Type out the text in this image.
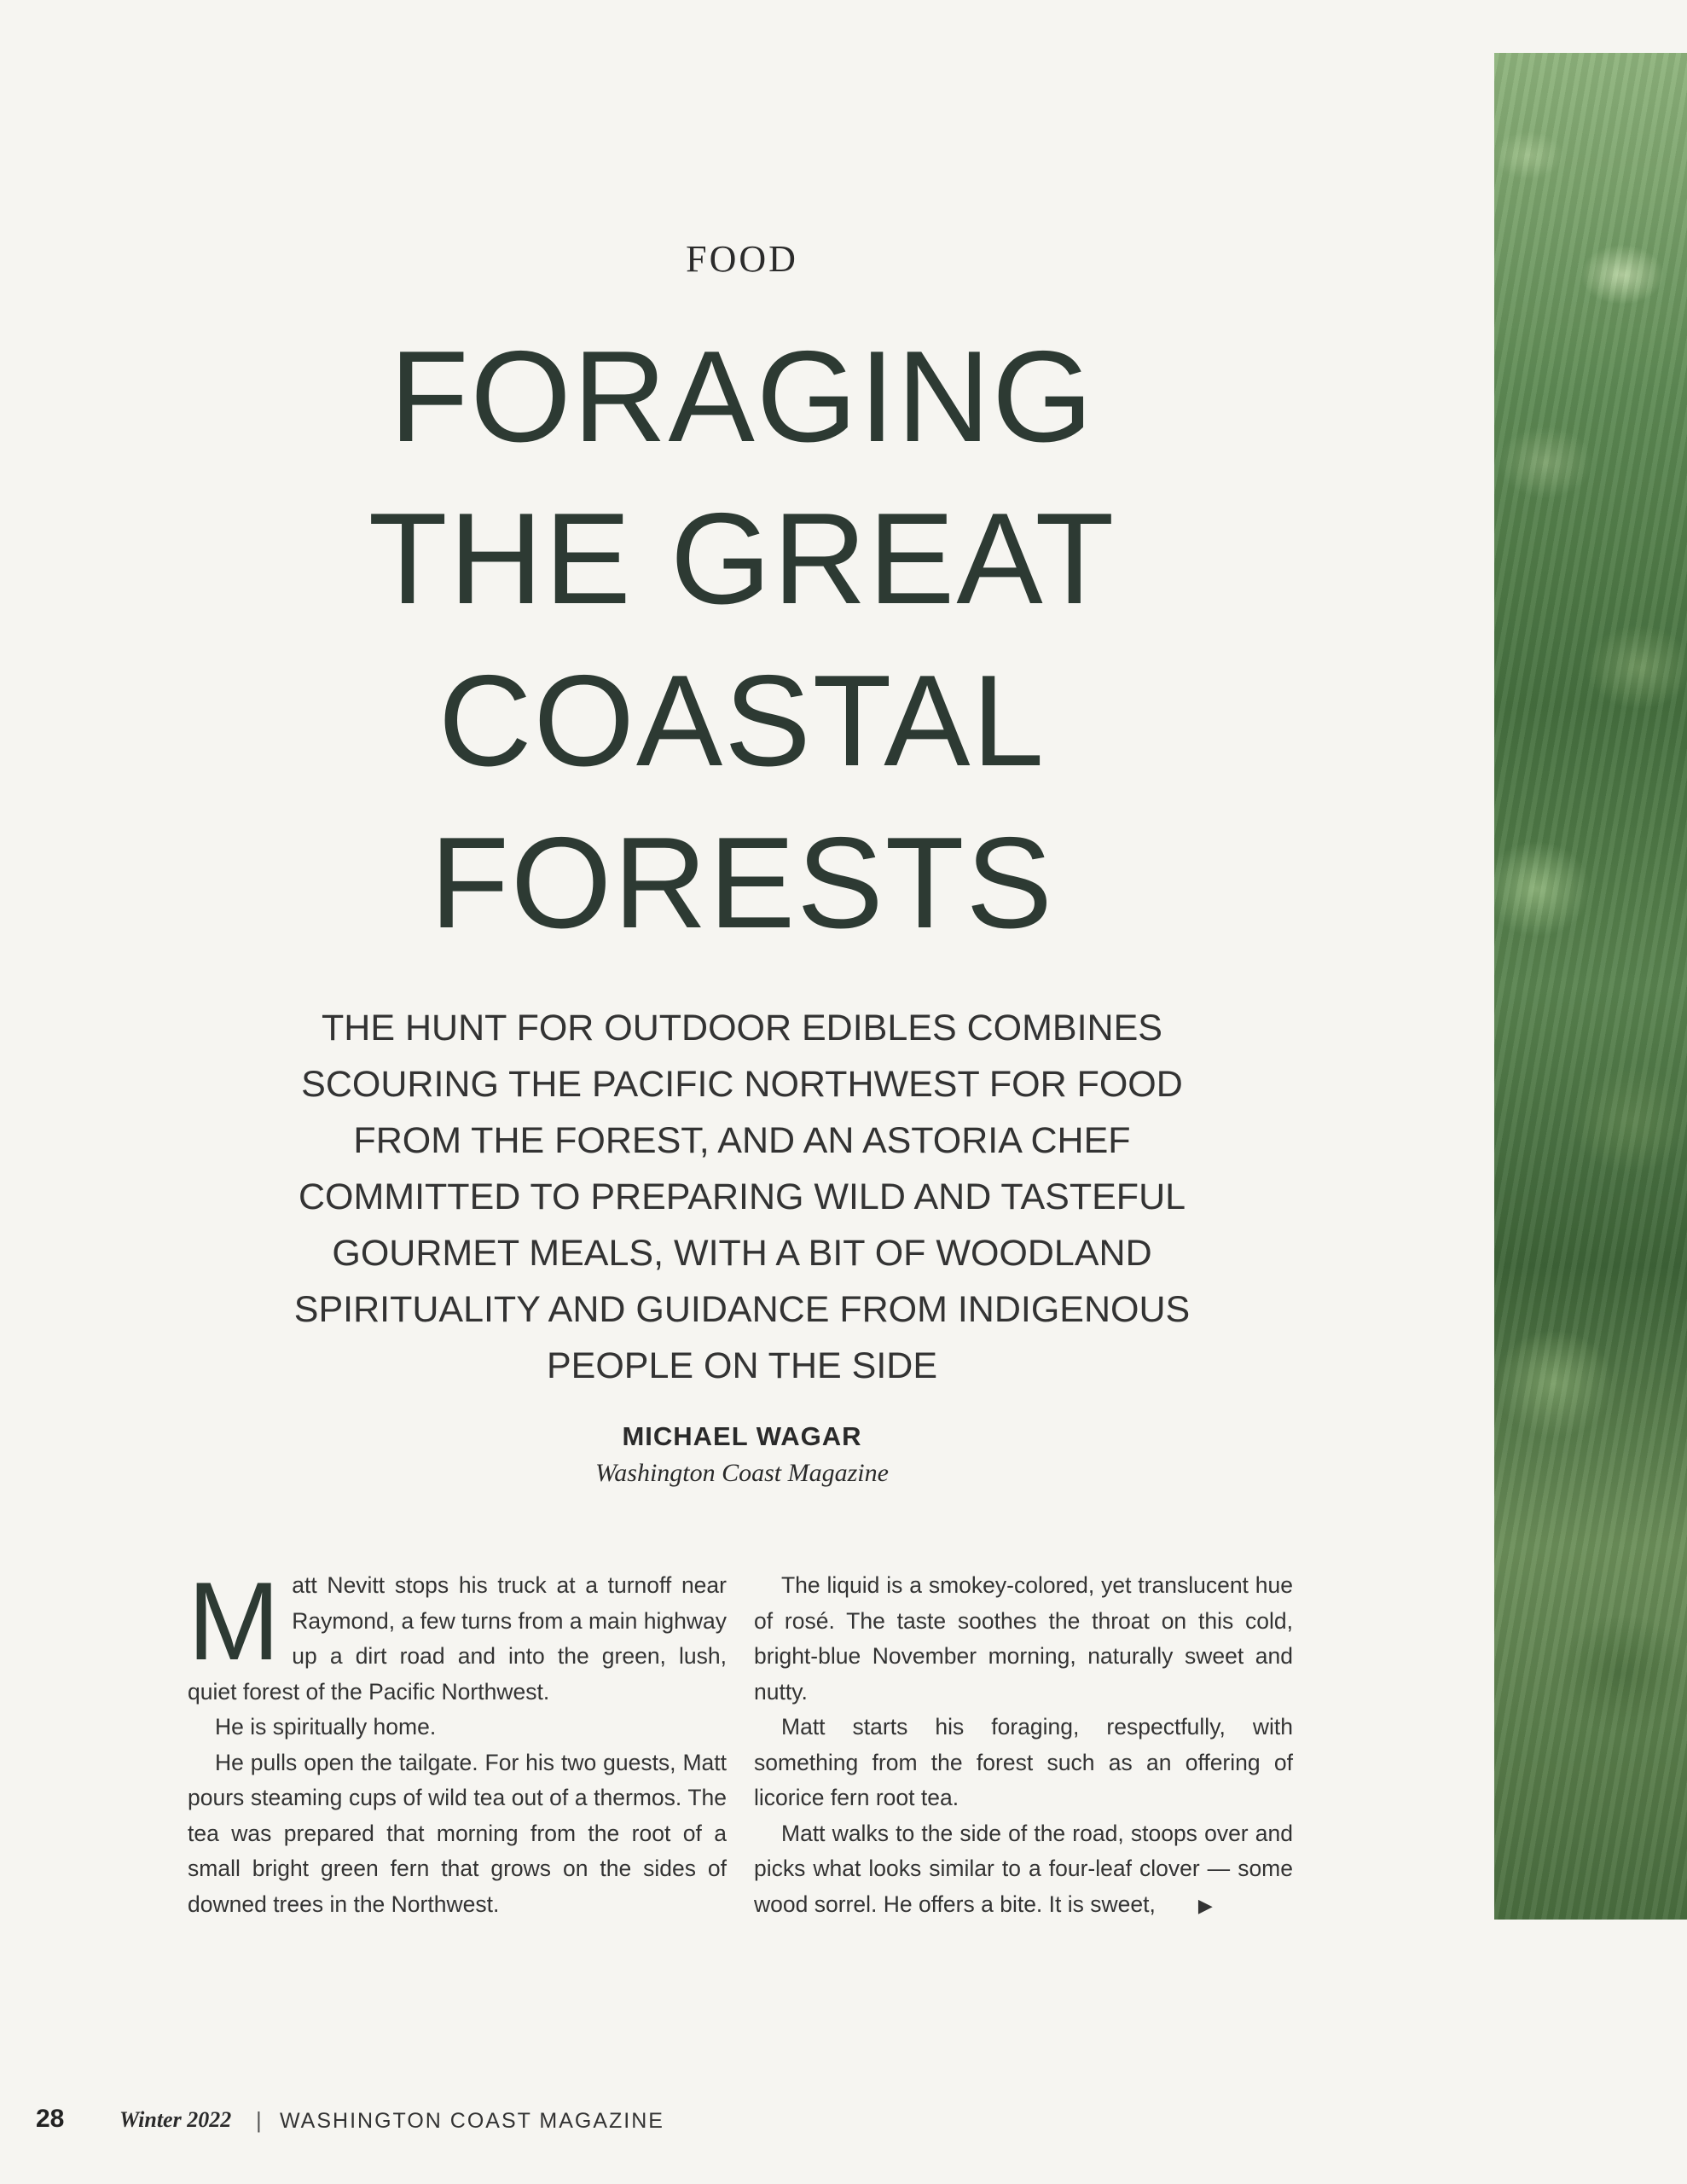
FOOD
FORAGING
THE GREAT
COASTAL
FORESTS
THE HUNT FOR OUTDOOR EDIBLES COMBINES
SCOURING THE PACIFIC NORTHWEST FOR FOOD
FROM THE FOREST, AND AN ASTORIA CHEF
COMMITTED TO PREPARING WILD AND TASTEFUL
GOURMET MEALS, WITH A BIT OF WOODLAND
SPIRITUALITY AND GUIDANCE FROM INDIGENOUS
PEOPLE ON THE SIDE
MICHAEL WAGAR
Washington Coast Magazine

Matt Nevitt stops his truck at a turnoff near Raymond, a few turns from a main highway up a dirt road and into the green, lush, quiet forest of the Pacific Northwest.

He is spiritually home.

He pulls open the tailgate. For his two guests, Matt pours steaming cups of wild tea out of a thermos. The tea was prepared that morning from the root of a small bright green fern that grows on the sides of downed trees in the Northwest.

The liquid is a smokey-colored, yet translucent hue of rosé. The taste soothes the throat on this cold, bright-blue November morning, naturally sweet and nutty.

Matt starts his foraging, respectfully, with something from the forest such as an offering of licorice fern root tea.

Matt walks to the side of the road, stoops over and picks what looks similar to a four-leaf clover — some wood sorrel. He offers a bite. It is sweet, ▶

28 Winter 2022 | WASHINGTON COAST MAGAZINE
